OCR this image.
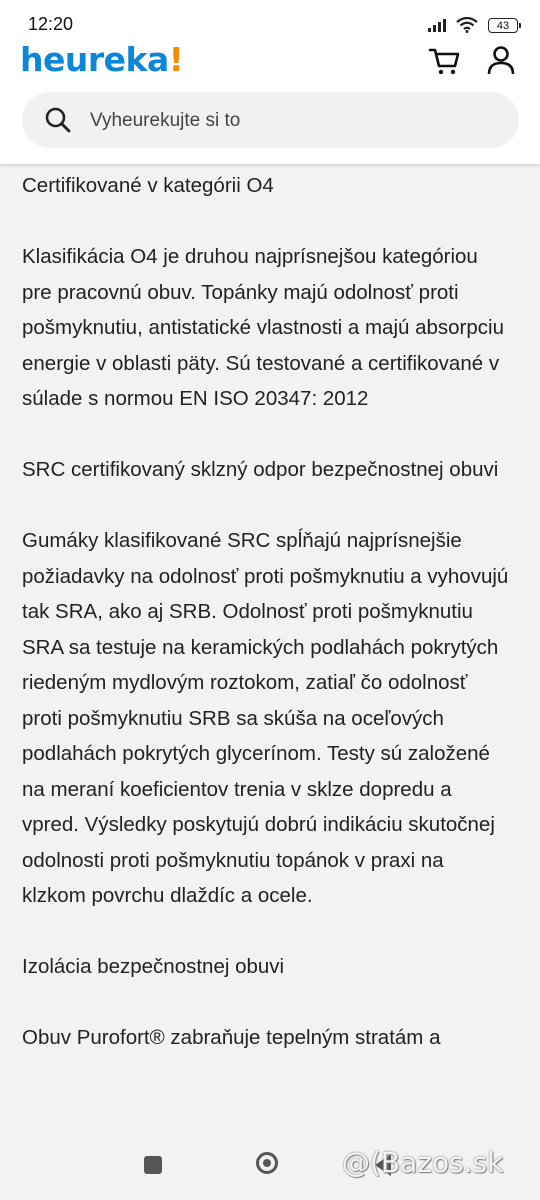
12:20	43
heureka!
Vyheurekujte si to

Certifikované v kategórii O4

Klasifikácia O4 je druhou najprísnejšou kategóriou pre pracovnú obuv. Topánky majú odolnosť proti pošmyknutiu, antistatické vlastnosti a majú absorpciu energie v oblasti päty. Sú testované a certifikované v súlade s normou EN ISO 20347: 2012

SRC certifikovaný sklzný odpor bezpečnostnej obuvi

Gumáky klasifikované SRC spĺňajú najprísnejšie požiadavky na odolnosť proti pošmyknutiu a vyhovujú tak SRA, ako aj SRB. Odolnosť proti pošmyknutiu SRA sa testuje na keramických podlahách pokrytých riedeným mydlovým roztokom, zatiaľ čo odolnosť proti pošmyknutiu SRB sa skúša na oceľových podlahách pokrytých glycerínom. Testy sú založené na meraní koeficientov trenia v sklze dopredu a vpred. Výsledky poskytujú dobrú indikáciu skutočnej odolnosti proti pošmyknutiu topánok v praxi na klzkom povrchu dlaždíc a ocele.

Izolácia bezpečnostnej obuvi

Obuv Purofort® zabraňuje tepelným stratám a

@(Bazos.sk
